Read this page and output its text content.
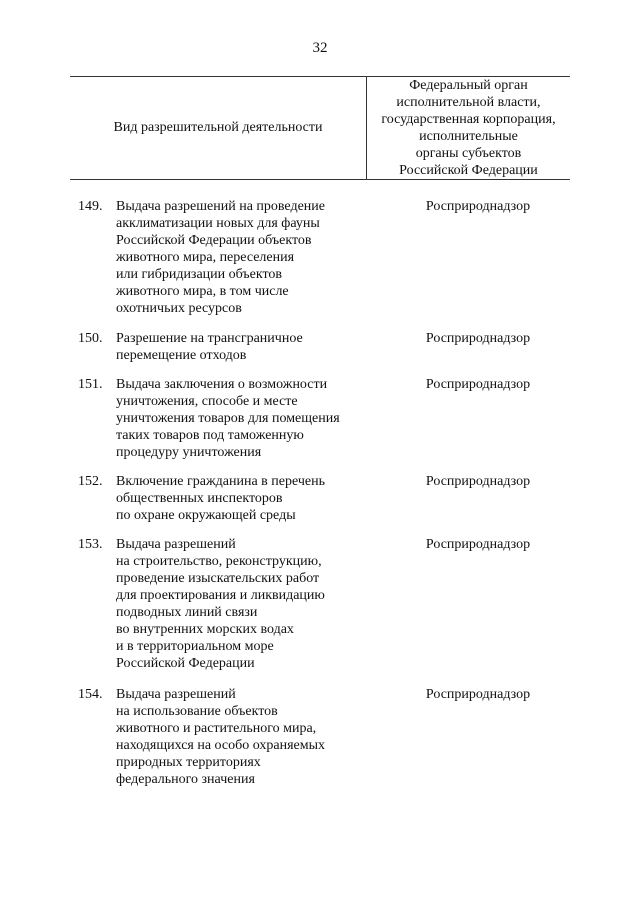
32
Вид разрешительной деятельности
Федеральный орган
исполнительной власти,
государственная корпорация,
исполнительные
органы субъектов
Российской Федерации
149. Выдача разрешений на проведение
акклиматизации новых для фауны
Российской Федерации объектов
животного мира, переселения
или гибридизации объектов
животного мира, в том числе
охотничьих ресурсов
Росприроднадзор
150. Разрешение на трансграничное
перемещение отходов
Росприроднадзор
151. Выдача заключения о возможности
уничтожения, способе и месте
уничтожения товаров для помещения
таких товаров под таможенную
процедуру уничтожения
Росприроднадзор
152. Включение гражданина в перечень
общественных инспекторов
по охране окружающей среды
Росприроднадзор
153. Выдача разрешений
на строительство, реконструкцию,
проведение изыскательских работ
для проектирования и ликвидацию
подводных линий связи
во внутренних морских водах
и в территориальном море
Российской Федерации
Росприроднадзор
154. Выдача разрешений
на использование объектов
животного и растительного мира,
находящихся на особо охраняемых
природных территориях
федерального значения
Росприроднадзор
